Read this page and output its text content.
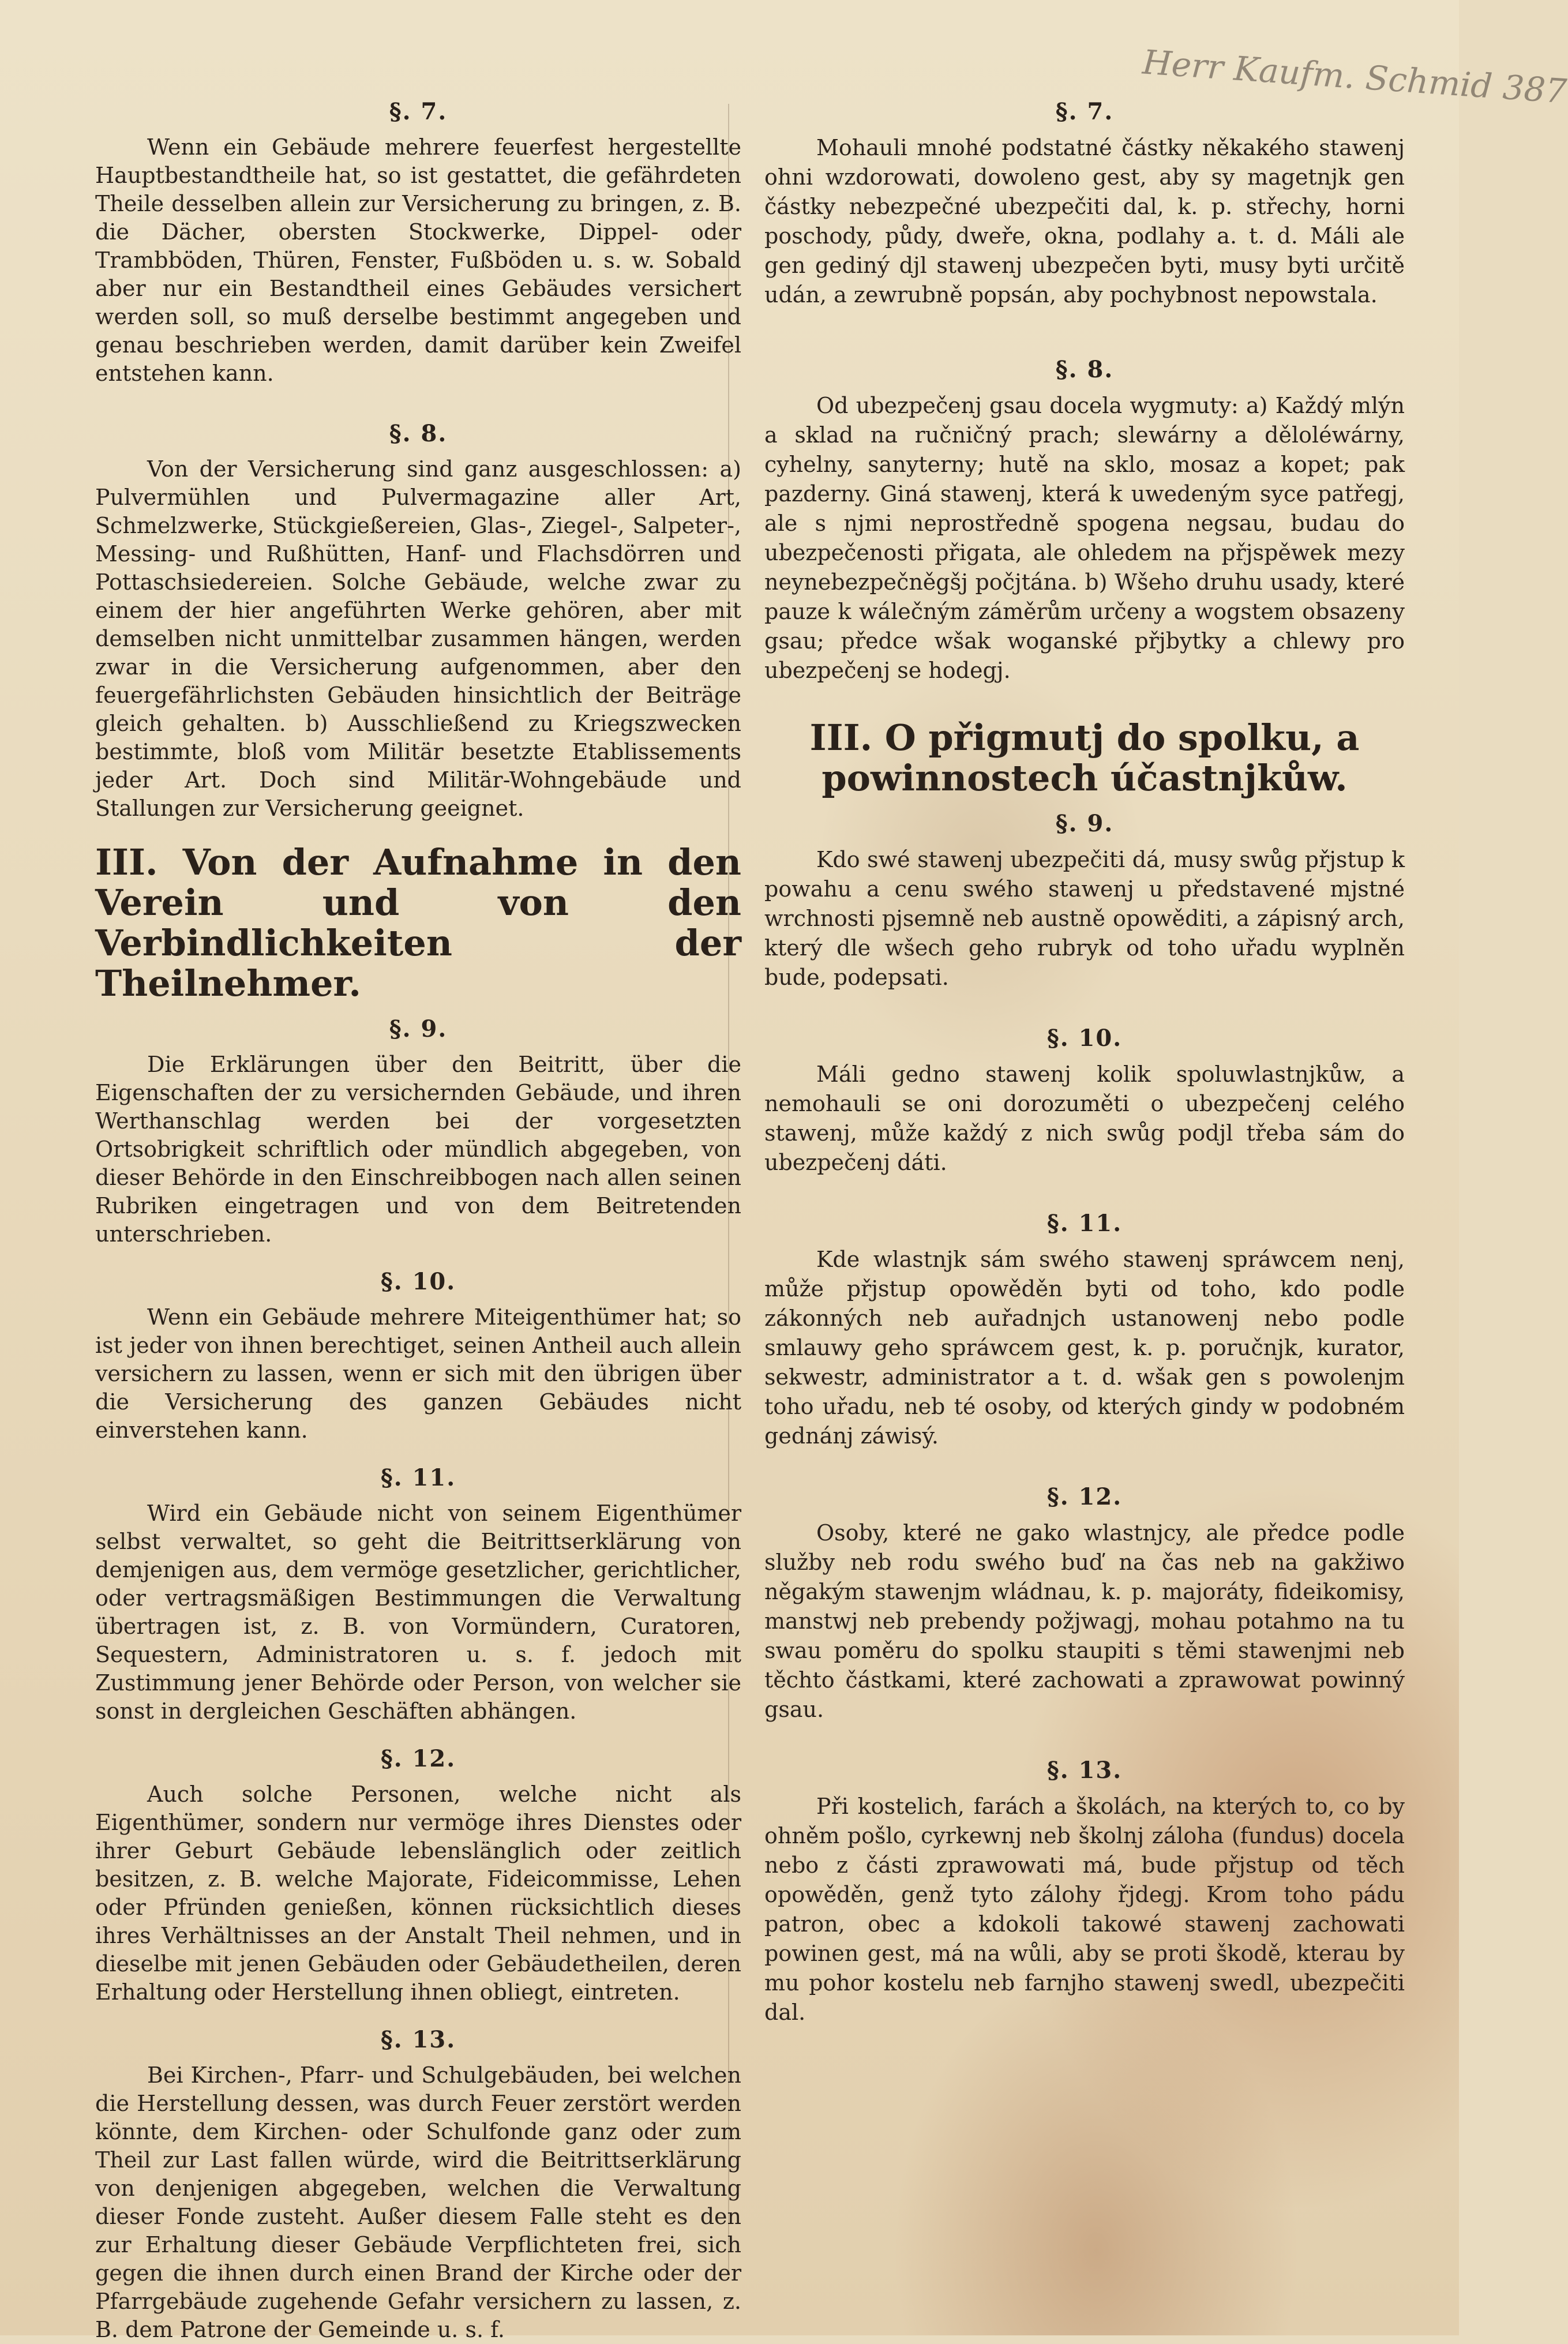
Herr Kaufm. Schmid 387
§. 7.

Wenn ein Gebäude mehrere feuerfest hergestellte Hauptbestandtheile hat, so ist gestattet, die gefährdeten Theile desselben allein zur Versicherung zu bringen, z. B. die Dächer, obersten Stockwerke, Dippel- oder Trambböden, Thüren, Fenster, Fußböden u. s. w. Sobald aber nur ein Bestandtheil eines Gebäudes versichert werden soll, so muß derselbe bestimmt angegeben und genau beschrieben werden, damit darüber kein Zweifel entstehen kann.

§. 8.

Von der Versicherung sind ganz ausgeschlossen: a) Pulvermühlen und Pulvermagazine aller Art, Schmelzwerke, Stückgießereien, Glas-, Ziegel-, Salpeter-, Messing- und Rußhütten, Hanf- und Flachsdörren und Pottaschsiedereien. Solche Gebäude, welche zwar zu einem der hier angeführten Werke gehören, aber mit demselben nicht unmittelbar zusammen hängen, werden zwar in die Versicherung aufgenommen, aber den feuergefährlichsten Gebäuden hinsichtlich der Beiträge gleich gehalten. b) Ausschließend zu Kriegszwecken bestimmte, bloß vom Militär besetzte Etablissements jeder Art. Doch sind Militär-Wohngebäude und Stallungen zur Versicherung geeignet.

III. Von der Aufnahme in den Verein und von den Verbindlichkeiten der Theilnehmer.
§. 9.

Die Erklärungen über den Beitritt, über die Eigenschaften der zu versichernden Gebäude, und ihren Werthanschlag werden bei der vorgesetzten Ortsobrigkeit schriftlich oder mündlich abgegeben, von dieser Behörde in den Einschreibbogen nach allen seinen Rubriken eingetragen und von dem Beitretenden unterschrieben.

§. 10.

Wenn ein Gebäude mehrere Miteigenthümer hat; so ist jeder von ihnen berechtiget, seinen Antheil auch allein versichern zu lassen, wenn er sich mit den übrigen über die Versicherung des ganzen Gebäudes nicht einverstehen kann.

§. 11.

Wird ein Gebäude nicht von seinem Eigenthümer selbst verwaltet, so geht die Beitrittserklärung von demjenigen aus, dem vermöge gesetzlicher, gerichtlicher, oder vertragsmäßigen Bestimmungen die Verwaltung übertragen ist, z. B. von Vormündern, Curatoren, Sequestern, Administratoren u. s. f. jedoch mit Zustimmung jener Behörde oder Person, von welcher sie sonst in dergleichen Geschäften abhängen.

§. 12.

Auch solche Personen, welche nicht als Eigenthümer, sondern nur vermöge ihres Dienstes oder ihrer Geburt Gebäude lebenslänglich oder zeitlich besitzen, z. B. welche Majorate, Fideicommisse, Lehen oder Pfründen genießen, können rücksichtlich dieses ihres Verhältnisses an der Anstalt Theil nehmen, und in dieselbe mit jenen Gebäuden oder Gebäudetheilen, deren Erhaltung oder Herstellung ihnen obliegt, eintreten.

§. 13.

Bei Kirchen-, Pfarr- und Schulgebäuden, bei welchen die Herstellung dessen, was durch Feuer zerstört werden könnte, dem Kirchen- oder Schulfonde ganz oder zum Theil zur Last fallen würde, wird die Beitrittserklärung von denjenigen abgegeben, welchen die Verwaltung dieser Fonde zusteht. Außer diesem Falle steht es den zur Erhaltung dieser Gebäude Verpflichteten frei, sich gegen die ihnen durch einen Brand der Kirche oder der Pfarrgebäude zugehende Gefahr versichern zu lassen, z. B. dem Patrone der Gemeinde u. s. f.

§. 7.

Mohauli mnohé podstatné částky někakého stawenj ohni wzdorowati, dowoleno gest, aby sy magetnjk gen částky nebezpečné ubezpečiti dal, k. p. střechy, horni poschody, půdy, dweře, okna, podlahy a. t. d. Máli ale gen gediný djl stawenj ubezpečen byti, musy byti určitě udán, a zewrubně popsán, aby pochybnost nepowstala.

§. 8.

Od ubezpečenj gsau docela wygmuty: a) Každý mlýn a sklad na ručničný prach; slewárny a děloléwárny, cyhelny, sanyterny; hutě na sklo, mosaz a kopet; pak pazderny. Giná stawenj, která k uwedeným syce patřegj, ale s njmi neprostředně spogena negsau, budau do ubezpečenosti přigata, ale ohledem na přjspěwek mezy neynebezpečněgšj počjtána. b) Wšeho druhu usady, které pauze k wálečným záměrům určeny a wogstem obsazeny gsau; předce wšak woganské přjbytky a chlewy pro ubezpečenj se hodegj.

III. O přigmutj do spolku, a powinnostech účastnjkůw.
§. 9.

Kdo swé stawenj ubezpečiti dá, musy swůg přjstup k powahu a cenu swého stawenj u představené mjstné wrchnosti pjsemně neb austně opowěditi, a zápisný arch, který dle wšech geho rubryk od toho uřadu wyplněn bude, podepsati.

§. 10.

Máli gedno stawenj kolik spoluwlastnjkůw, a nemohauli se oni dorozuměti o ubezpečenj celého stawenj, může každý z nich swůg podjl třeba sám do ubezpečenj dáti.

§. 11.

Kde wlastnjk sám swého stawenj spráwcem nenj, může přjstup opowěděn byti od toho, kdo podle zákonných neb auřadnjch ustanowenj nebo podle smlauwy geho spráwcem gest, k. p. poručnjk, kurator, sekwestr, administrator a t. d. wšak gen s powolenjm toho uřadu, neb té osoby, od kterých gindy w podobném gednánj záwisý.

§. 12.

Osoby, které ne gako wlastnjcy, ale předce podle služby neb rodu swého buď na čas neb na gakžiwo něgakým stawenjm wládnau, k. p. majoráty, fideikomisy, manstwj neb prebendy požjwagj, mohau potahmo na tu swau poměru do spolku staupiti s těmi stawenjmi neb těchto částkami, které zachowati a zprawowat powinný gsau.

§. 13.

Při kostelich, farách a školách, na kterých to, co by ohněm pošlo, cyrkewnj neb školnj záloha (fundus) docela nebo z části zprawowati má, bude přjstup od těch opowěděn, genž tyto zálohy řjdegj. Krom toho pádu patron, obec a kdokoli takowé stawenj zachowati powinen gest, má na wůli, aby se proti škodě, kterau by mu pohor kostelu neb farnjho stawenj swedl, ubezpečiti dal.
